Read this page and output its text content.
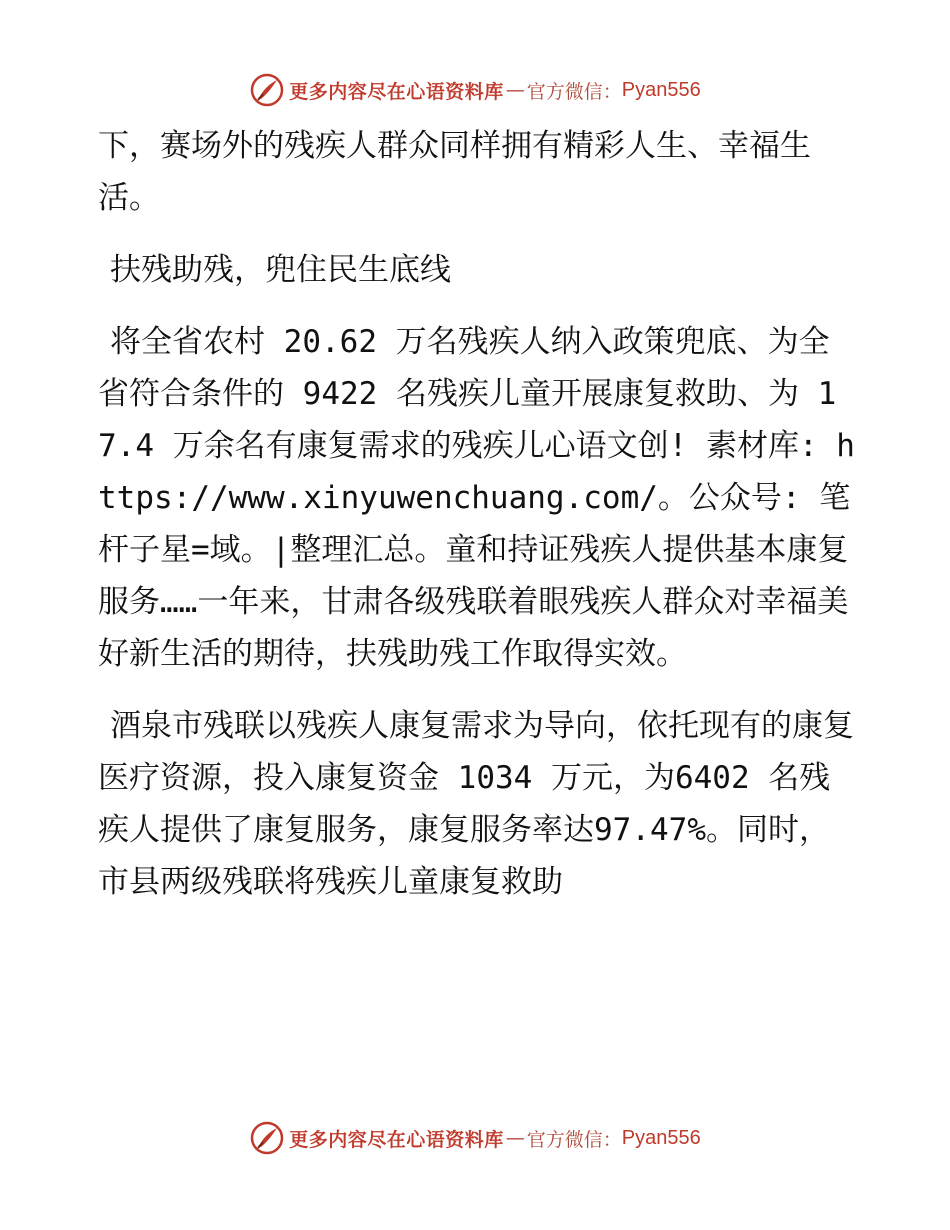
更多内容尽在心语资料库 — 官方微信： Pyan556

下，赛场外的残疾人群众同样拥有精彩人生、幸福生活。

扶残助残，兜住民生底线

将全省农村 20.62 万名残疾人纳入政策兜底、为全省符合条件的 9422 名残疾儿童开展康复救助、为 17.4 万余名有康复需求的残疾儿心语文创! 素材库: https://www.xinyuwenchuang.com/。公众号: 笔杆子星=域。|整理汇总。童和持证残疾人提供基本康复服务……一年来，甘肃各级残联着眼残疾人群众对幸福美好新生活的期待，扶残助残工作取得实效。

酒泉市残联以残疾人康复需求为导向，依托现有的康复医疗资源，投入康复资金 1034 万元，为6402 名残疾人提供了康复服务，康复服务率达97.47%。同时，市县两级残联将残疾儿童康复救助

更多内容尽在心语资料库 — 官方微信： Pyan556
